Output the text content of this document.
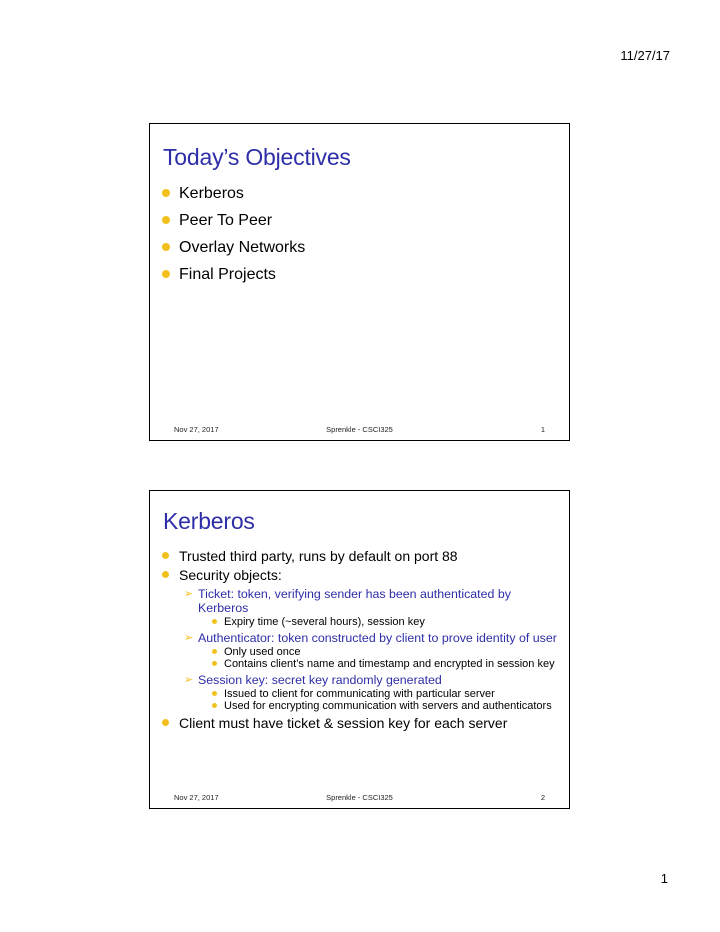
11/27/17
Today’s Objectives
Kerberos
Peer To Peer
Overlay Networks
Final Projects
Nov 27, 2017	Sprenkle - CSCI325	1
Kerberos
Trusted third party, runs by default on port 88
Security objects:
➢ Ticket: token, verifying sender has been authenticated by Kerberos
Expiry time (~several hours), session key
➢ Authenticator: token constructed by client to prove identity of user
Only used once
Contains client’s name and timestamp and encrypted in session key
➢ Session key: secret key randomly generated
Issued to client for communicating with particular server
Used for encrypting communication with servers and authenticators
Client must have ticket & session key for each server
Nov 27, 2017	Sprenkle - CSCI325	2
1
